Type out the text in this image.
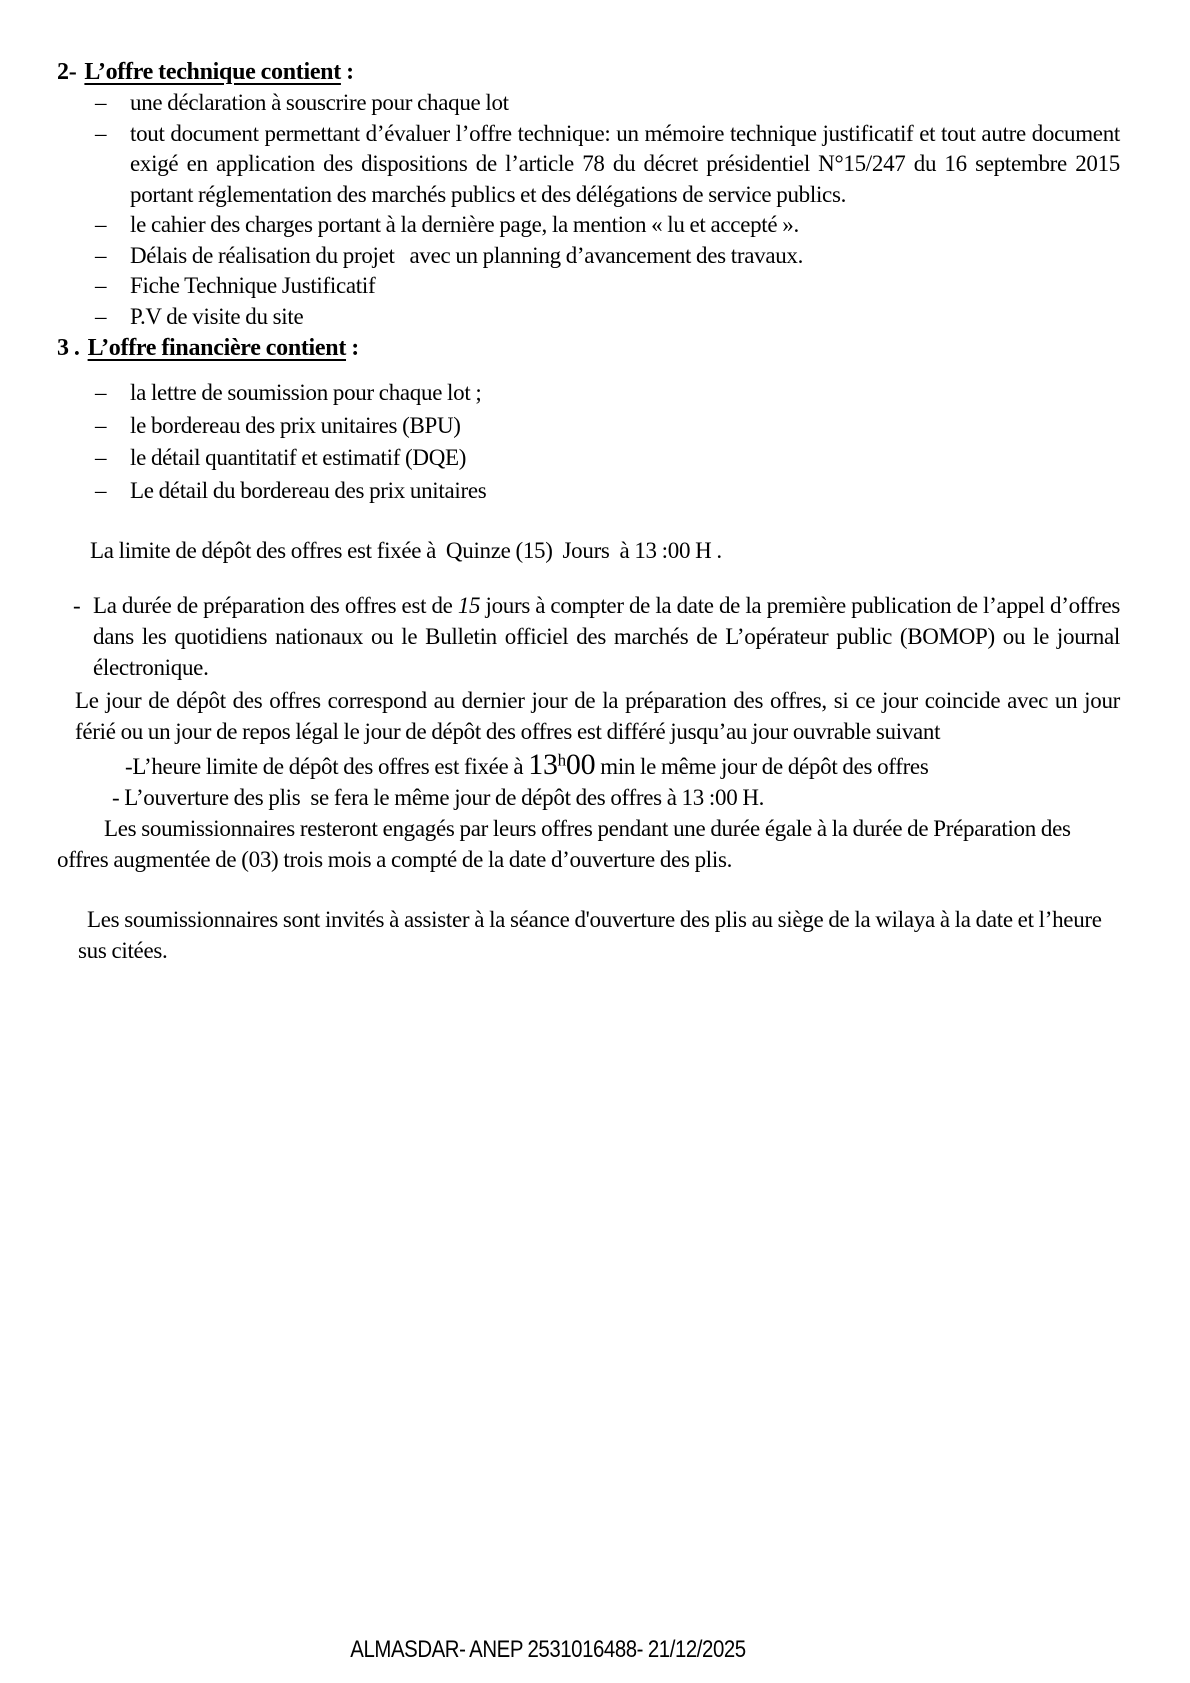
2- L’offre technique contient :
– une déclaration à souscrire pour chaque lot
– tout document permettant d’évaluer l’offre technique: un mémoire technique justificatif et tout autre document exigé en application des dispositions de l’article 78 du décret présidentiel N°15/247 du 16 septembre 2015 portant réglementation des marchés publics et des délégations de service publics.
– le cahier des charges portant à la dernière page, la mention « lu et accepté ».
– Délais de réalisation du projet   avec un planning d’avancement des travaux.
– Fiche Technique Justificatif
– P.V de visite du site
3 . L’offre financière contient :
– la lettre de soumission pour chaque lot ;
– le bordereau des prix unitaires (BPU)
– le détail quantitatif et estimatif (DQE)
– Le détail du bordereau des prix unitaires

La limite de dépôt des offres est fixée à  Quinze (15)  Jours  à 13 :00 H .

- La durée de préparation des offres est de 15 jours à compter de la date de la première publication de l’appel d’offres dans les quotidiens nationaux ou le Bulletin officiel des marchés de L’opérateur public (BOMOP) ou le journal électronique.

Le jour de dépôt des offres correspond au dernier jour de la préparation des offres, si ce jour coincide avec un jour férié ou un jour de repos légal le jour de dépôt des offres est différé jusqu’au jour ouvrable suivant

-L’heure limite de dépôt des offres est fixée à 13$^h$00 min le même jour de dépôt des offres

- L’ouverture des plis  se fera le même jour de dépôt des offres à 13 :00 H.

Les soumissionnaires resteront engagés par leurs offres pendant une durée égale à la durée de Préparation des offres augmentée de (03) trois mois a compté de la date d’ouverture des plis.

Les soumissionnaires sont invités à assister à la séance d'ouverture des plis au siège de la wilaya à la date et l’heure sus citées.

ALMASDAR- ANEP 2531016488- 21/12/2025
